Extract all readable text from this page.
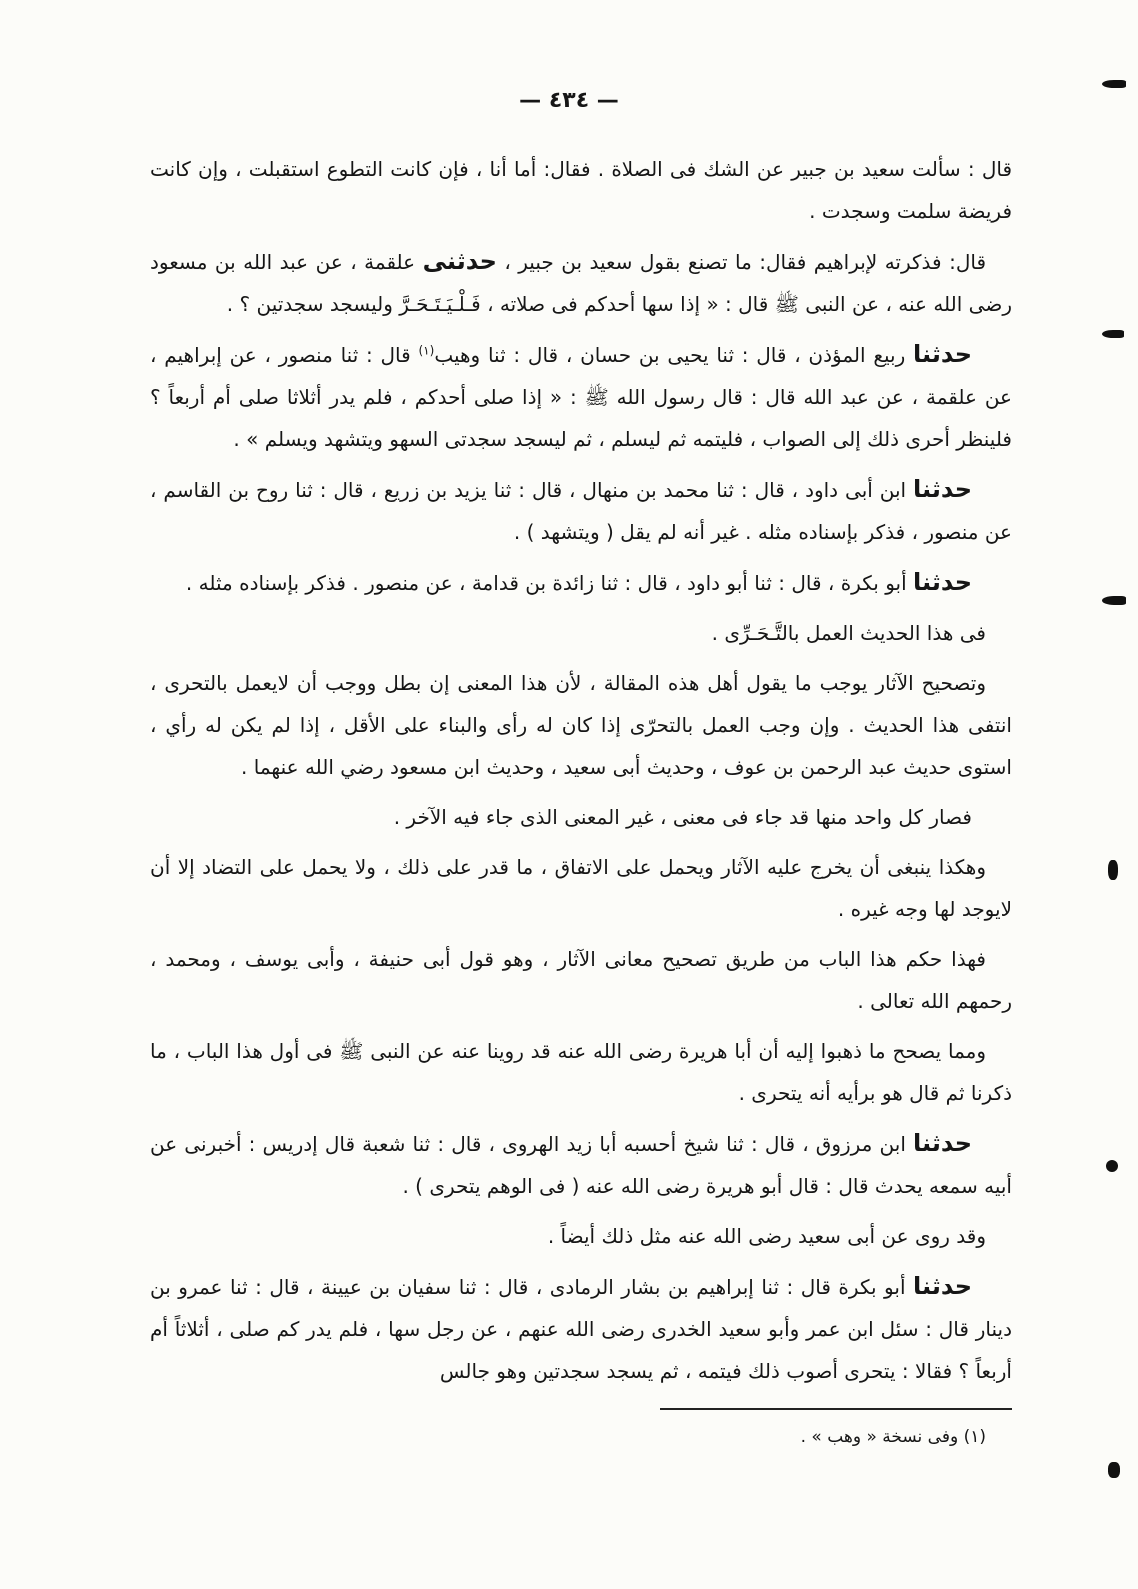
— ٤٣٤ —

قال : سألت سعيد بن جبير عن الشك فى الصلاة . فقال: أما أنا ، فإن كانت التطوع استقبلت ، وإن كانت فريضة سلمت وسجدت .

قال: فذكرته لإبراهيم فقال: ما تصنع بقول سعيد بن جبير ، حدثنى علقمة ، عن عبد الله بن مسعود رضى الله عنه ، عن النبى ﷺ قال : « إذا سها أحدكم فى صلاته ، فَـلْـيَـتَـحَـرَّ وليسجد سجدتين ؟ .

حدثنا ربيع المؤذن ، قال : ثنا يحيى بن حسان ، قال : ثنا وهيب$^{(١)}$ قال : ثنا منصور ، عن إبراهيم ، عن علقمة ، عن عبد الله قال : قال رسول الله ﷺ : « إذا صلى أحدكم ، فلم يدر أثلاثا صلى أم أربعاً ؟ فلينظر أحرى ذلك إلى الصواب ، فليتمه ثم ليسلم ، ثم ليسجد سجدتى السهو ويتشهد ويسلم » .

حدثنا ابن أبى داود ، قال : ثنا محمد بن منهال ، قال : ثنا يزيد بن زريع ، قال : ثنا روح بن القاسم ، عن منصور ، فذكر بإسناده مثله . غير أنه لم يقل ( ويتشهد ) .

حدثنا أبو بكرة ، قال : ثنا أبو داود ، قال : ثنا زائدة بن قدامة ، عن منصور . فذكر بإسناده مثله .

فى هذا الحديث العمل بالتَّـحَـرِّى .

وتصحيح الآثار يوجب ما يقول أهل هذه المقالة ، لأن هذا المعنى إن بطل ووجب أن لايعمل بالتحرى ، انتفى هذا الحديث . وإن وجب العمل بالتحرّى إذا كان له رأى والبناء على الأقل ، إذا لم يكن له رأي ، استوى حديث عبد الرحمن بن عوف ، وحديث أبى سعيد ، وحديث ابن مسعود رضي الله عنهما .

فصار كل واحد منها قد جاء فى معنى ، غير المعنى الذى جاء فيه الآخر .

وهكذا ينبغى أن يخرج عليه الآثار ويحمل على الاتفاق ، ما قدر على ذلك ، ولا يحمل على التضاد إلا أن لايوجد لها وجه غيره .

فهذا حكم هذا الباب من طريق تصحيح معانى الآثار ، وهو قول أبى حنيفة ، وأبى يوسف ، ومحمد ، رحمهم الله تعالى .

ومما يصحح ما ذهبوا إليه أن أبا هريرة رضى الله عنه قد روينا عنه عن النبى ﷺ فى أول هذا الباب ، ما ذكرنا ثم قال هو برأيه أنه يتحرى .

حدثنا ابن مرزوق ، قال : ثنا شيخ أحسبه أبا زيد الهروى ، قال : ثنا شعبة قال إدريس : أخبرنى عن أبيه سمعه يحدث قال : قال أبو هريرة رضى الله عنه ( فى الوهم يتحرى ) .

وقد روى عن أبى سعيد رضى الله عنه مثل ذلك أيضاً .

حدثنا أبو بكرة قال : ثنا إبراهيم بن بشار الرمادى ، قال : ثنا سفيان بن عيينة ، قال : ثنا عمرو بن دينار قال : سئل ابن عمر وأبو سعيد الخدرى رضى الله عنهم ، عن رجل سها ، فلم يدر كم صلى ، أثلاثاً أم أربعاً ؟ فقالا : يتحرى أصوب ذلك فيتمه ، ثم يسجد سجدتين وهو جالس

(١) وفى نسخة « وهب » .
